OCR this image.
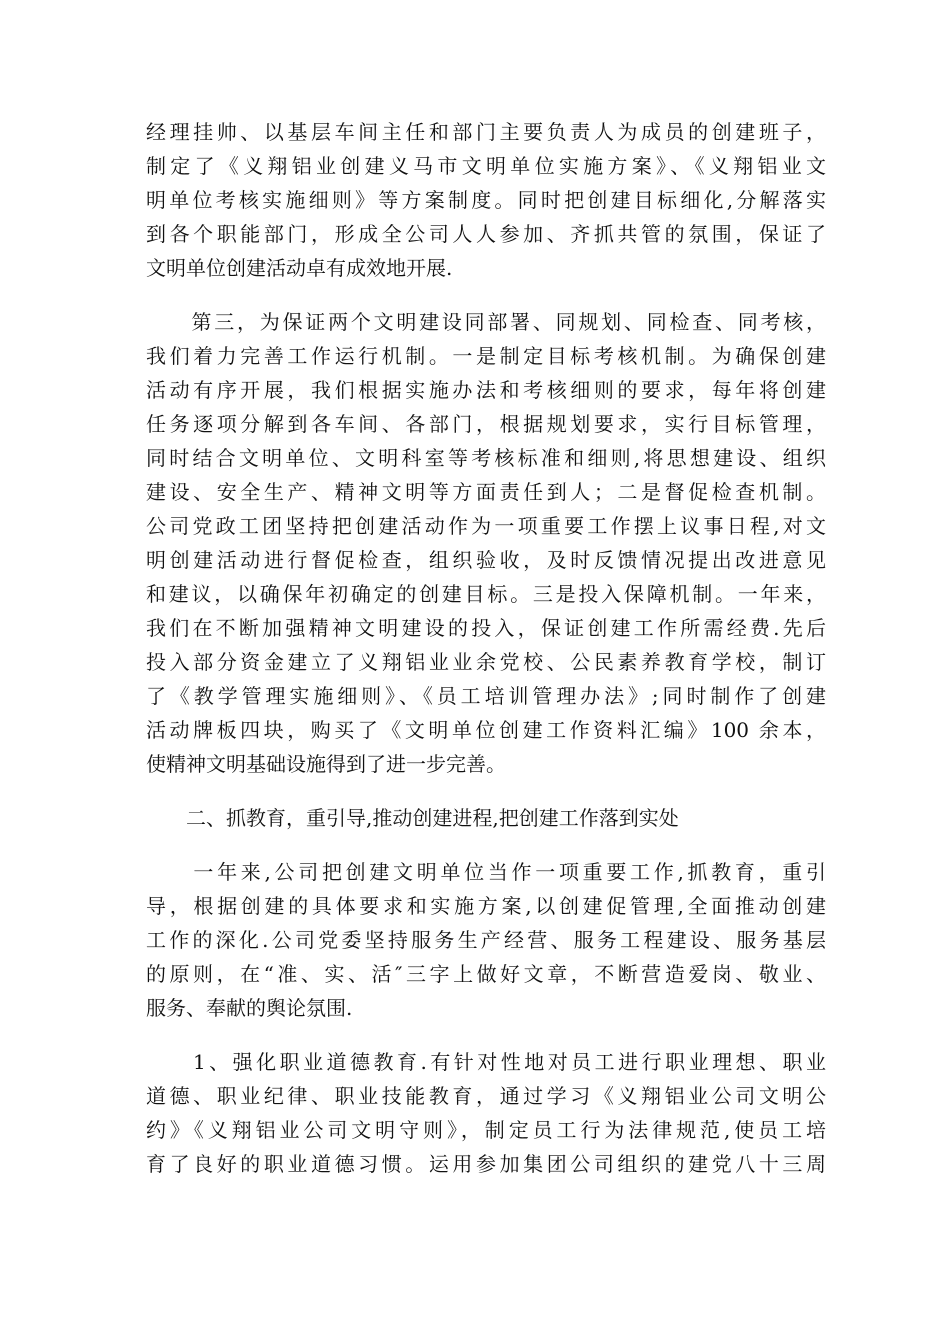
经理挂帅、以基层车间主任和部门主要负责人为成员的创建班子，
制定了《义翔铝业创建义马市文明单位实施方案》、《义翔铝业文
明单位考核实施细则》等方案制度。同时把创建目标细化,分解落实
到各个职能部门，形成全公司人人参加、齐抓共管的氛围，保证了
文明单位创建活动卓有成效地开展.
　　第三，为保证两个文明建设同部署、同规划、同检查、同考核，
我们着力完善工作运行机制。一是制定目标考核机制。为确保创建
活动有序开展，我们根据实施办法和考核细则的要求，每年将创建
任务逐项分解到各车间、各部门，根据规划要求，实行目标管理，
同时结合文明单位、文明科室等考核标准和细则,将思想建设、组织
建设、安全生产、精神文明等方面责任到人；二是督促检查机制。
公司党政工团坚持把创建活动作为一项重要工作摆上议事日程,对文
明创建活动进行督促检查，组织验收，及时反馈情况提出改进意见
和建议，以确保年初确定的创建目标。三是投入保障机制。一年来，
我们在不断加强精神文明建设的投入，保证创建工作所需经费.先后
投入部分资金建立了义翔铝业业余党校、公民素养教育学校，制订
了《教学管理实施细则》、《员工培训管理办法》;同时制作了创建
活动牌板四块，购买了《文明单位创建工作资料汇编》100 余本，
使精神文明基础设施得到了进一步完善。
　　二、抓教育，重引导,推动创建进程,把创建工作落到实处
　　一年来,公司把创建文明单位当作一项重要工作,抓教育，重引
导，根据创建的具体要求和实施方案,以创建促管理,全面推动创建
工作的深化.公司党委坚持服务生产经营、服务工程建设、服务基层
的原则，在“准、实、活″三字上做好文章，不断营造爱岗、敬业、
服务、奉献的舆论氛围.
　　1、强化职业道德教育.有针对性地对员工进行职业理想、职业
道德、职业纪律、职业技能教育，通过学习《义翔铝业公司文明公
约》《义翔铝业公司文明守则》，制定员工行为法律规范,使员工培
育了良好的职业道德习惯。运用参加集团公司组织的建党八十三周
